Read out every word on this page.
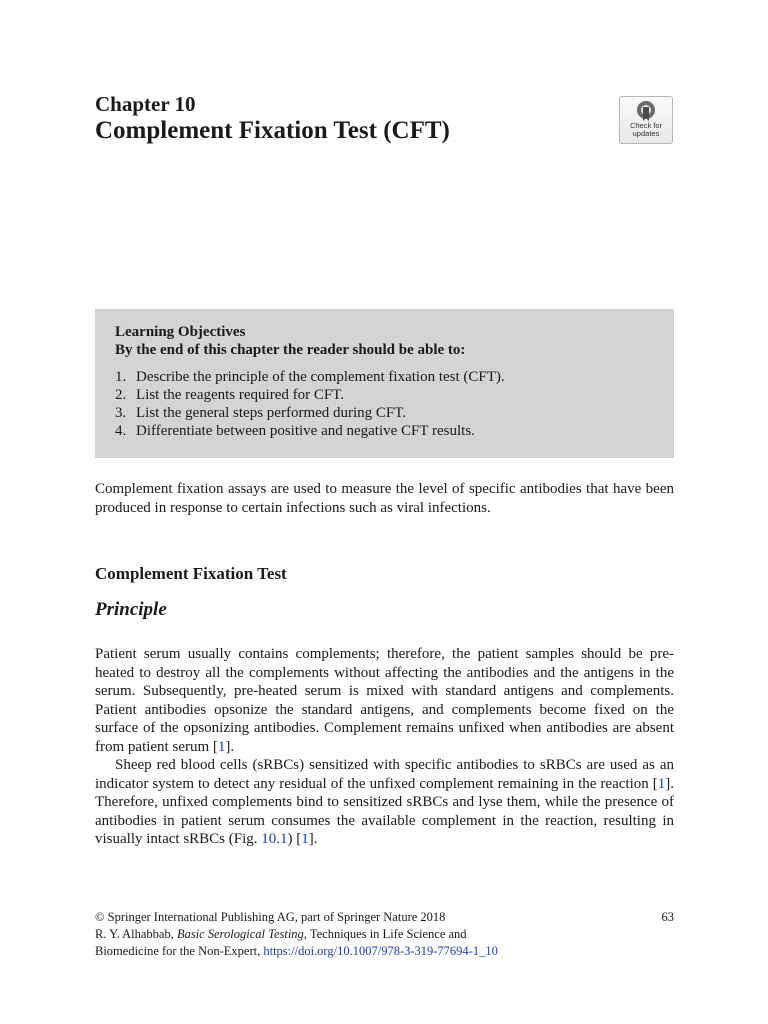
Chapter 10
Complement Fixation Test (CFT)	Check for
updates
Learning Objectives
By the end of this chapter the reader should be able to:
1. Describe the principle of the complement fixation test (CFT).
2. List the reagents required for CFT.
3. List the general steps performed during CFT.
4. Differentiate between positive and negative CFT results.

Complement fixation assays are used to measure the level of specific antibodies that have been produced in response to certain infections such as viral infections.

Complement Fixation Test
Principle

Patient serum usually contains complements; therefore, the patient samples should be pre-heated to destroy all the complements without affecting the antibodies and the antigens in the serum. Subsequently, pre-heated serum is mixed with standard antigens and complements. Patient antibodies opsonize the standard antigens, and complements become fixed on the surface of the opsonizing antibodies. Complement remains unfixed when antibodies are absent from patient serum [1].

Sheep red blood cells (sRBCs) sensitized with specific antibodies to sRBCs are used as an indicator system to detect any residual of the unfixed complement remaining in the reaction [1]. Therefore, unfixed complements bind to sensitized sRBCs and lyse them, while the presence of antibodies in patient serum consumes the available complement in the reaction, resulting in visually intact sRBCs (Fig. 10.1) [1].

© Springer International Publishing AG, part of Springer Nature 2018	63
R. Y. Alhabbab, Basic Serological Testing, Techniques in Life Science and
Biomedicine for the Non-Expert, https://doi.org/10.1007/978-3-319-77694-1_10
